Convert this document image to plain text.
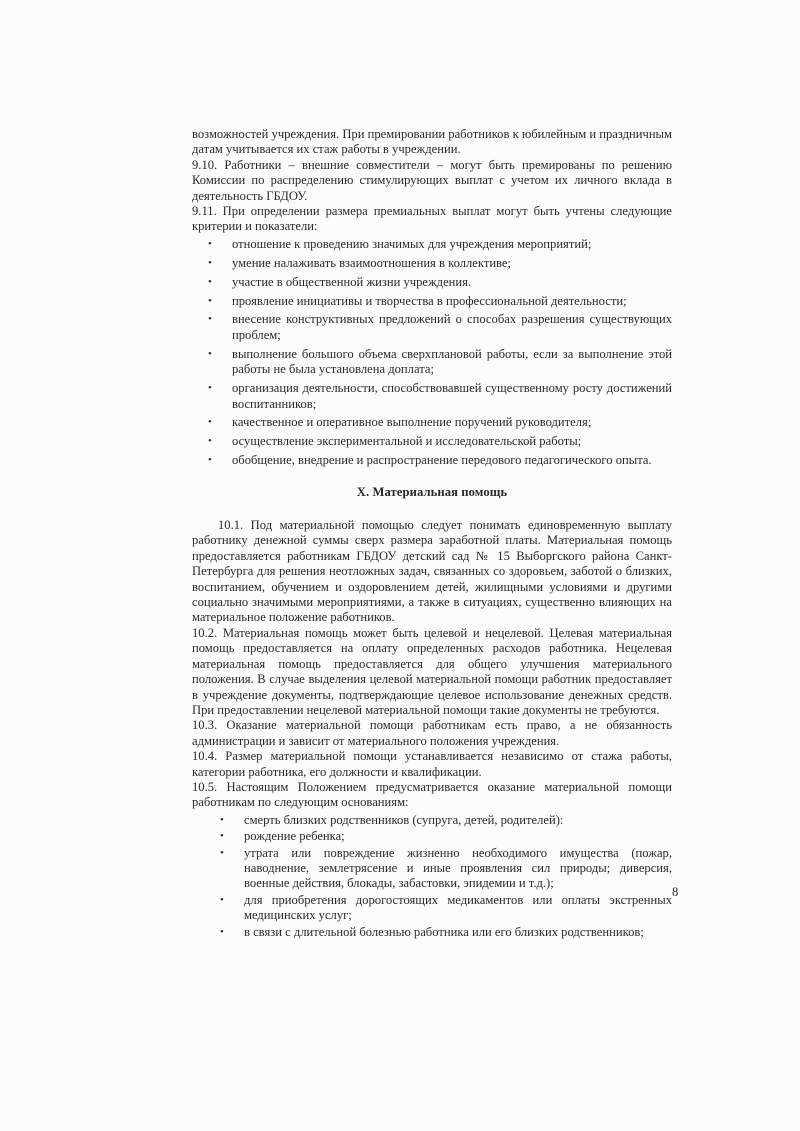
возможностей учреждения. При премировании работников к юбилейным и праздничным датам учитывается их стаж работы в учреждении.

9.10. Работники – внешние совместители – могут быть премированы по решению Комиссии по распределению стимулирующих выплат с учетом их личного вклада в деятельность ГБДОУ.

9.11. При определении размера премиальных выплат могут быть учтены следующие критерии и показатели:

• отношение к проведению значимых для учреждения мероприятий;
• умение налаживать взаимоотношения в коллективе;
• участие в общественной жизни учреждения.
• проявление инициативы и творчества в профессиональной деятельности;
• внесение конструктивных предложений о способах разрешения существующих проблем;
• выполнение большого объема сверхплановой работы, если за выполнение этой работы не была установлена доплата;
• организация деятельности, способствовавшей существенному росту достижений воспитанников;
• качественное и оперативное выполнение поручений руководителя;
• осуществление экспериментальной и исследовательской работы;
• обобщение, внедрение и распространение передового педагогического опыта.
X. Материальная помощь

10.1. Под материальной помощью следует понимать единовременную выплату работнику денежной суммы сверх размера заработной платы. Материальная помощь предоставляется работникам ГБДОУ детский сад № 15 Выборгского района Санкт-Петербурга для решения неотложных задач, связанных со здоровьем, заботой о близких, воспитанием, обучением и оздоровлением детей, жилищными условиями и другими социально значимыми мероприятиями, а также в ситуациях, существенно влияющих на материальное положение работников.

10.2. Материальная помощь может быть целевой и нецелевой. Целевая материальная помощь предоставляется на оплату определенных расходов работника. Нецелевая материальная помощь предоставляется для общего улучшения материального положения. В случае выделения целевой материальной помощи работник предоставляет в учреждение документы, подтверждающие целевое использование денежных средств. При предоставлении нецелевой материальной помощи такие документы не требуются.

10.3. Оказание материальной помощи работникам есть право, а не обязанность администрации и зависит от материального положения учреждения.

10.4. Размер материальной помощи устанавливается независимо от стажа работы, категории работника, его должности и квалификации.

10.5. Настоящим Положением предусматривается оказание материальной помощи работникам по следующим основаниям:

• смерть близких родственников (супруга, детей, родителей):
• рождение ребенка;
• утрата или повреждение жизненно необходимого имущества (пожар, наводнение, землетрясение и иные проявления сил природы; диверсия, военные действия, блокады, забастовки, эпидемии и т.д.);
• для приобретения дорогостоящих медикаментов или оплаты экстренных медицинских услуг;
• в связи с длительной болезнью работника или его близких родственников;
8
